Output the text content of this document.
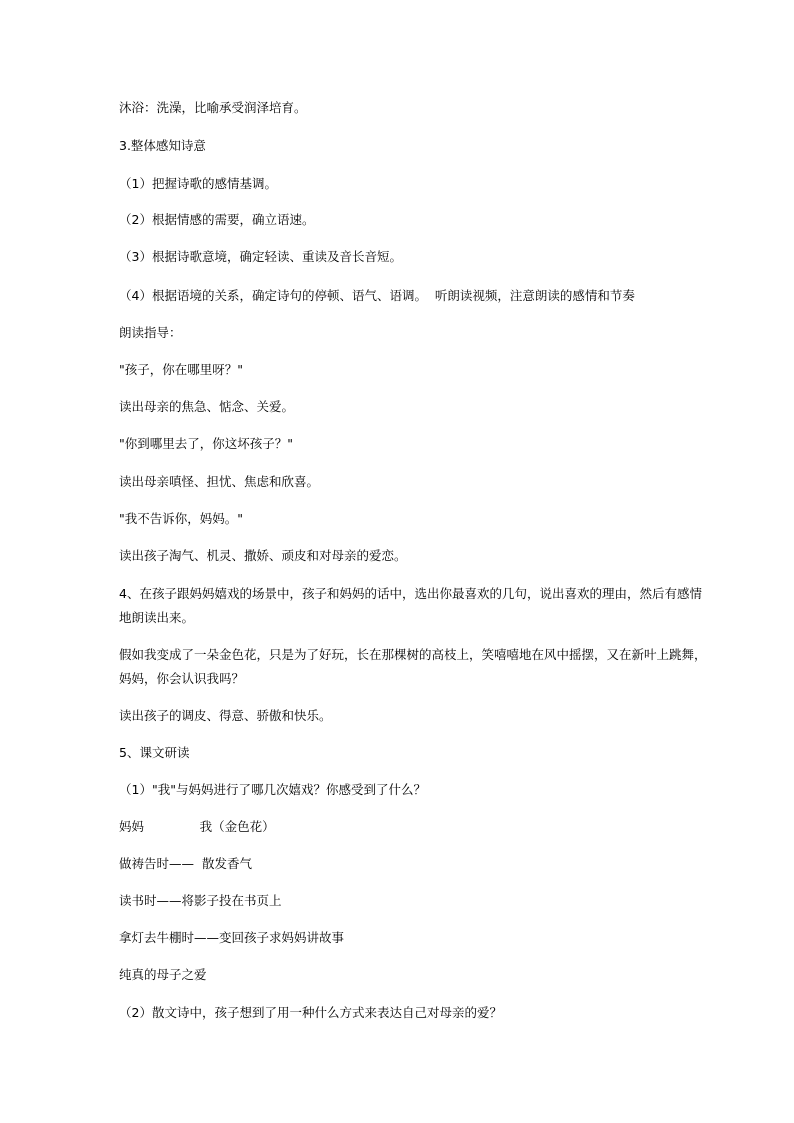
沐浴：洗澡，比喻承受润泽培育。
3.整体感知诗意
（1）把握诗歌的感情基调。
（2）根据情感的需要，确立语速。
（3）根据诗歌意境，确定轻读、重读及音长音短。
（4）根据语境的关系，确定诗句的停顿、语气、语调。  听朗读视频，注意朗读的感情和节奏
朗读指导：
"孩子，你在哪里呀？"
读出母亲的焦急、惦念、关爱。
"你到哪里去了，你这坏孩子？"
读出母亲嗔怪、担忧、焦虑和欣喜。
"我不告诉你，妈妈。"
读出孩子淘气、机灵、撒娇、顽皮和对母亲的爱恋。
4、在孩子跟妈妈嬉戏的场景中，孩子和妈妈的话中，选出你最喜欢的几句，说出喜欢的理由，然后有感情
地朗读出来。
假如我变成了一朵金色花，只是为了好玩，长在那棵树的高枝上，笑嘻嘻地在风中摇摆，又在新叶上跳舞，
妈妈，你会认识我吗？
读出孩子的调皮、得意、骄傲和快乐。
5、课文研读
（1）"我"与妈妈进行了哪几次嬉戏？你感受到了什么？
妈妈              我（金色花）
做祷告时——  散发香气
读书时——将影子投在书页上
拿灯去牛棚时——变回孩子求妈妈讲故事
纯真的母子之爱
（2）散文诗中，孩子想到了用一种什么方式来表达自己对母亲的爱？
